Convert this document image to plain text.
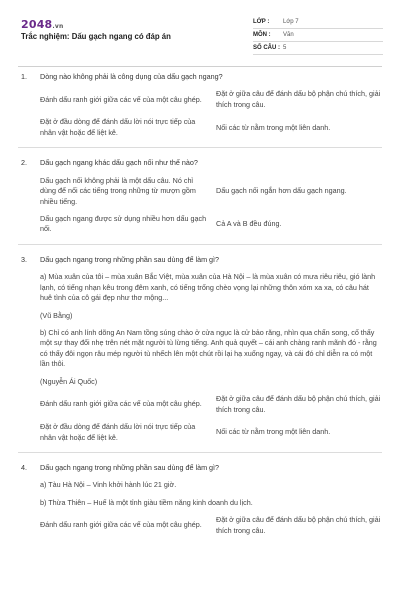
2048.vn
Trắc nghiệm: Dấu gạch ngang có đáp án
LỚP :	Lớp 7
MÔN :	Văn
SỐ CÂU : 5
1. Dòng nào không phải là công dụng của dấu gạch ngang?
Đánh dấu ranh giới giữa các vế của một câu ghép.
Đặt ở giữa câu để đánh dấu bộ phận chú thích, giải thích trong câu.
Đặt ở đầu dòng để đánh dấu lời nói trực tiếp của nhân vật hoặc để liệt kê.
Nối các từ nằm trong một liên danh.
2. Dấu gạch ngang khác dấu gạch nối như thế nào?
Dấu gạch nối không phải là một dấu câu. Nó chỉ dùng để nối các tiếng trong những từ mượn gồm nhiều tiếng.
Dấu gạch nối ngắn hơn dấu gạch ngang.
Dấu gạch ngang được sử dụng nhiều hơn dấu gạch nối.
Cả A và B đều đúng.
3. Dấu gạch ngang trong những phần sau dùng để làm gì?
a) Mùa xuân của tôi – mùa xuân Bắc Việt, mùa xuân của Hà Nội – là mùa xuân có mưa riêu riêu, gió lành lạnh, có tiếng nhạn kêu trong đêm xanh, có tiếng trống chèo vọng lại những thôn xóm xa xa, có câu hát huê tình của cô gái đẹp như thơ mộng...
(Vũ Bằng)
b) Chỉ có anh lính dõng An Nam tồng súng chào ở cửa ngục là cử bảo răng, nhìn qua chấn song, cố thấy một sự thay đổi nhẹ trên nét mặt người tù lừng tiếng. Anh quả quyết – cái anh chàng ranh mãnh đó - rằng có thấy đôi ngọn râu mép người tù nhếch lên một chút rồi lại hạ xuống ngay, và cái đó chỉ diễn ra có một lần thôi.
(Nguyễn Ái Quốc)
Đánh dấu ranh giới giữa các vế của một câu ghép.
Đặt ở giữa câu để đánh dấu bộ phận chú thích, giải thích trong câu.
Đặt ở đầu dòng để đánh dấu lời nói trực tiếp của nhân vật hoặc để liệt kê.
Nối các từ nằm trong một liên danh.
4. Dấu gạch ngang trong những phần sau dùng để làm gì?
a) Tàu Hà Nội – Vinh khởi hành lúc 21 giờ.
b) Thừa Thiên – Huế là một tỉnh giàu tiềm năng kinh doanh du lịch.
Đánh dấu ranh giới giữa các vế của một câu ghép.
Đặt ở giữa câu để đánh dấu bộ phận chú thích, giải thích trong câu.
